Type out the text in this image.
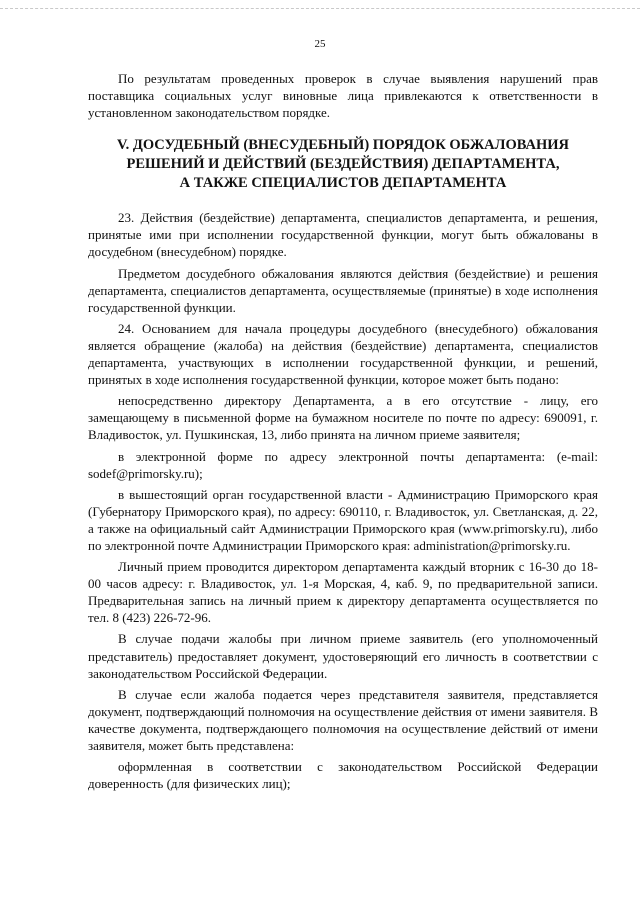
25

По результатам проведенных проверок в случае выявления нарушений прав поставщика социальных услуг виновные лица привлекаются к ответственности в установленном законодательством порядке.

V. ДОСУДЕБНЫЙ (ВНЕСУДЕБНЫЙ) ПОРЯДОК ОБЖАЛОВАНИЯ
РЕШЕНИЙ И ДЕЙСТВИЙ (БЕЗДЕЙСТВИЯ) ДЕПАРТАМЕНТА,
А ТАКЖЕ СПЕЦИАЛИСТОВ ДЕПАРТАМЕНТА

23. Действия (бездействие) департамента, специалистов департамента, и решения, принятые ими при исполнении государственной функции, могут быть обжалованы в досудебном (внесудебном) порядке.

Предметом досудебного обжалования являются действия (бездействие) и решения департамента, специалистов департамента, осуществляемые (принятые) в ходе исполнения государственной функции.

24. Основанием для начала процедуры досудебного (внесудебного) обжалования является обращение (жалоба) на действия (бездействие) департамента, специалистов департамента, участвующих в исполнении государственной функции, и решений, принятых в ходе исполнения государственной функции, которое может быть подано:

непосредственно директору Департамента, а в его отсутствие - лицу, его замещающему в письменной форме на бумажном носителе по почте по адресу: 690091, г. Владивосток, ул. Пушкинская, 13, либо принята на личном приеме заявителя;

в электронной форме по адресу электронной почты департамента: (e-mail: sodef@primorsky.ru);

в вышестоящий орган государственной власти - Администрацию Приморского края (Губернатору Приморского края), по адресу: 690110, г. Владивосток, ул. Светланская, д. 22, а также на официальный сайт Администрации Приморского края (www.primorsky.ru), либо по электронной почте Администрации Приморского края: administration@primorsky.ru.

Личный прием проводится директором департамента каждый вторник с 16-30 до 18-00 часов адресу: г. Владивосток, ул. 1-я Морская, 4, каб. 9, по предварительной записи. Предварительная запись на личный прием к директору департамента осуществляется по тел. 8 (423) 226-72-96.

В случае подачи жалобы при личном приеме заявитель (его уполномоченный представитель) предоставляет документ, удостоверяющий его личность в соответствии с законодательством Российской Федерации.

В случае если жалоба подается через представителя заявителя, представляется документ, подтверждающий полномочия на осуществление действия от имени заявителя. В качестве документа, подтверждающего полномочия на осуществление действий от имени заявителя, может быть представлена:

оформленная в соответствии с законодательством Российской Федерации доверенность (для физических лиц);
